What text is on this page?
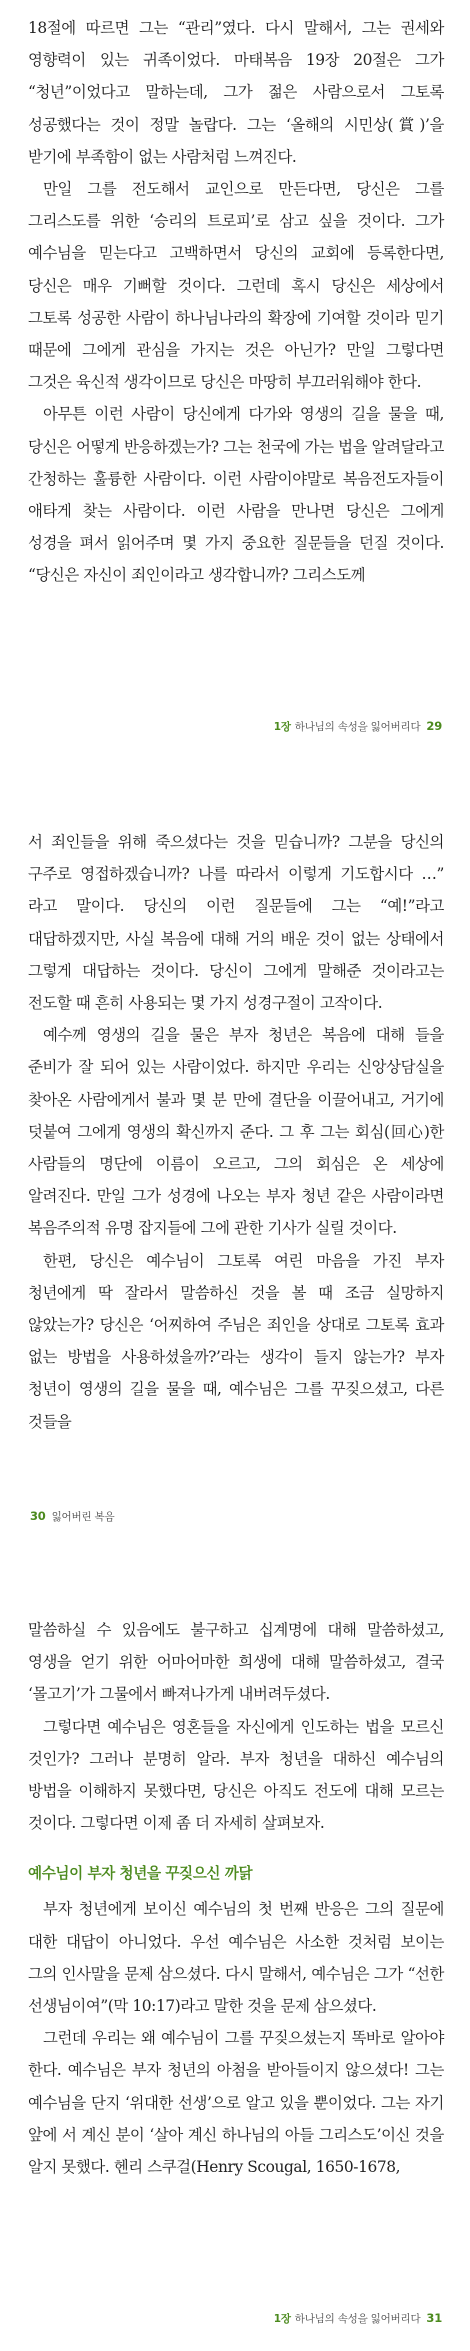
18절에 따르면 그는 “관리”였다. 다시 말해서, 그는 권세와 영향력이 있는 귀족이었다. 마태복음 19장 20절은 그가 “청년”이었다고 말하는데, 그가 젊은 사람으로서 그토록 성공했다는 것이 정말 놀랍다. 그는 ‘올해의 시민상(賞)’을 받기에 부족함이 없는 사람처럼 느껴진다.

만일 그를 전도해서 교인으로 만든다면, 당신은 그를 그리스도를 위한 ‘승리의 트로피’로 삼고 싶을 것이다. 그가 예수님을 믿는다고 고백하면서 당신의 교회에 등록한다면, 당신은 매우 기뻐할 것이다. 그런데 혹시 당신은 세상에서 그토록 성공한 사람이 하나님나라의 확장에 기여할 것이라 믿기 때문에 그에게 관심을 가지는 것은 아닌가? 만일 그렇다면 그것은 육신적 생각이므로 당신은 마땅히 부끄러워해야 한다.

아무튼 이런 사람이 당신에게 다가와 영생의 길을 물을 때, 당신은 어떻게 반응하겠는가? 그는 천국에 가는 법을 알려달라고 간청하는 훌륭한 사람이다. 이런 사람이야말로 복음전도자들이 애타게 찾는 사람이다. 이런 사람을 만나면 당신은 그에게 성경을 펴서 읽어주며 몇 가지 중요한 질문들을 던질 것이다. “당신은 자신이 죄인이라고 생각합니까? 그리스도께

1장 하나님의 속성을 잃어버리다 29

서 죄인들을 위해 죽으셨다는 것을 믿습니까? 그분을 당신의 구주로 영접하겠습니까? 나를 따라서 이렇게 기도합시다 …” 라고 말이다. 당신의 이런 질문들에 그는 “예!”라고 대답하겠지만, 사실 복음에 대해 거의 배운 것이 없는 상태에서 그렇게 대답하는 것이다. 당신이 그에게 말해준 것이라고는 전도할 때 흔히 사용되는 몇 가지 성경구절이 고작이다.

예수께 영생의 길을 물은 부자 청년은 복음에 대해 들을 준비가 잘 되어 있는 사람이었다. 하지만 우리는 신앙상담실을 찾아온 사람에게서 불과 몇 분 만에 결단을 이끌어내고, 거기에 덧붙여 그에게 영생의 확신까지 준다. 그 후 그는 회심(回心)한 사람들의 명단에 이름이 오르고, 그의 회심은 온 세상에 알려진다. 만일 그가 성경에 나오는 부자 청년 같은 사람이라면 복음주의적 유명 잡지들에 그에 관한 기사가 실릴 것이다.

한편, 당신은 예수님이 그토록 여린 마음을 가진 부자 청년에게 딱 잘라서 말씀하신 것을 볼 때 조금 실망하지 않았는가? 당신은 ‘어찌하여 주님은 죄인을 상대로 그토록 효과 없는 방법을 사용하셨을까?’라는 생각이 들지 않는가? 부자 청년이 영생의 길을 물을 때, 예수님은 그를 꾸짖으셨고, 다른 것들을

30 잃어버린 복음

말씀하실 수 있음에도 불구하고 십계명에 대해 말씀하셨고, 영생을 얻기 위한 어마어마한 희생에 대해 말씀하셨고, 결국 ‘몰고기’가 그물에서 빠져나가게 내버려두셨다.

그렇다면 예수님은 영혼들을 자신에게 인도하는 법을 모르신 것인가? 그러나 분명히 알라. 부자 청년을 대하신 예수님의 방법을 이해하지 못했다면, 당신은 아직도 전도에 대해 모르는 것이다. 그렇다면 이제 좀 더 자세히 살펴보자.

예수님이 부자 청년을 꾸짖으신 까닭

부자 청년에게 보이신 예수님의 첫 번째 반응은 그의 질문에 대한 대답이 아니었다. 우선 예수님은 사소한 것처럼 보이는 그의 인사말을 문제 삼으셨다. 다시 말해서, 예수님은 그가 “선한 선생님이여”(막 10:17)라고 말한 것을 문제 삼으셨다.

그런데 우리는 왜 예수님이 그를 꾸짖으셨는지 똑바로 알아야 한다. 예수님은 부자 청년의 아첨을 받아들이지 않으셨다! 그는 예수님을 단지 ‘위대한 선생’으로 알고 있을 뿐이었다. 그는 자기 앞에 서 계신 분이 ‘살아 계신 하나님의 아들 그리스도’이신 것을 알지 못했다. 헨리 스쿠걸(Henry Scougal, 1650-1678,

1장 하나님의 속성을 잃어버리다 31
